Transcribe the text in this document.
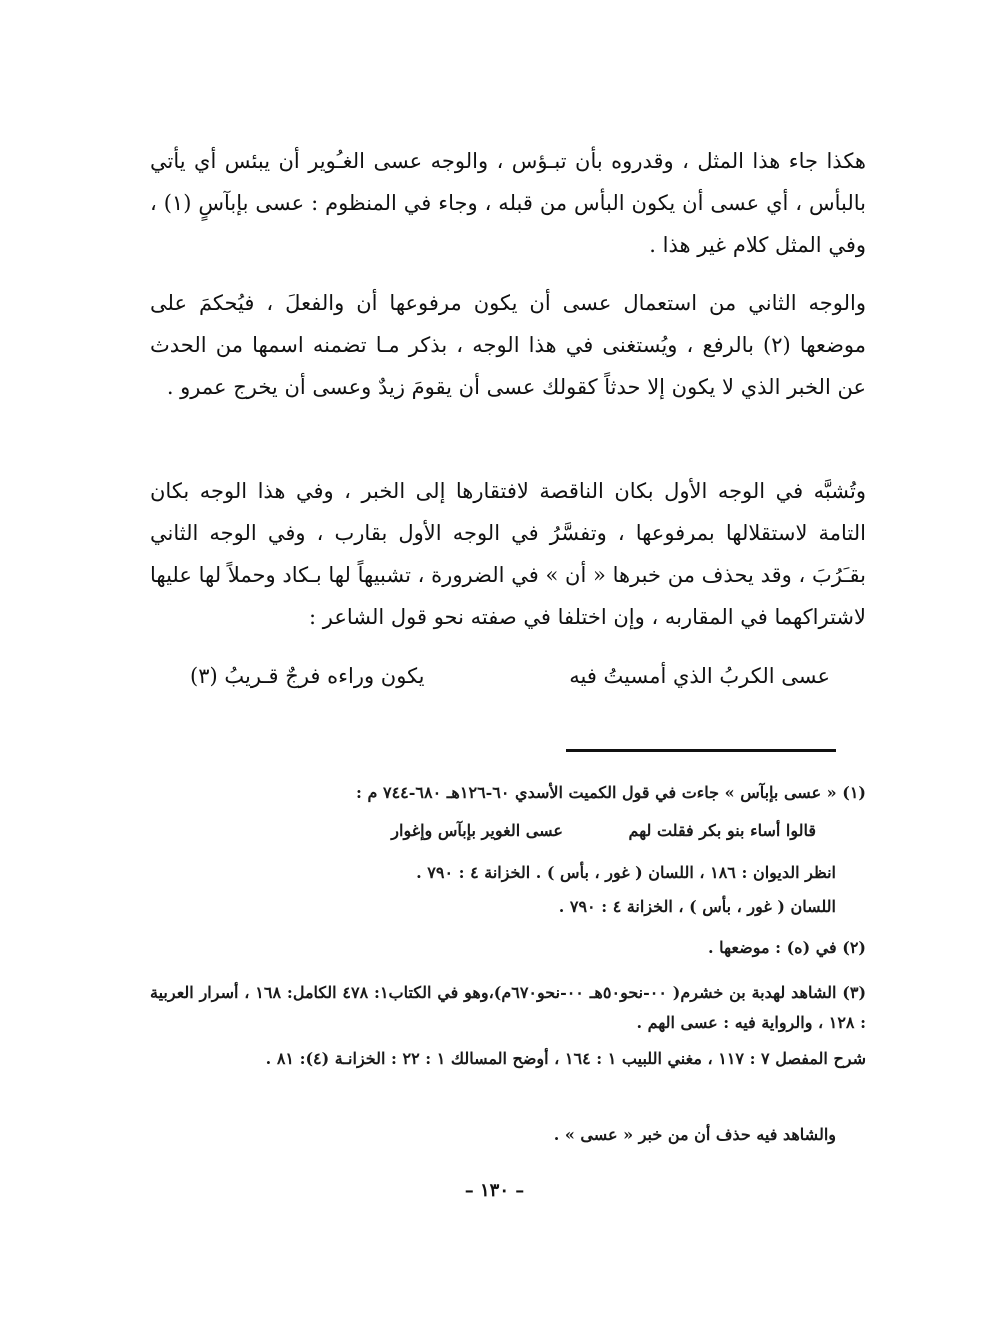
هكذا جاء هذا المثل ، وقدروه بأن تبـؤس ، والوجه عسى الغـُوير أن يبئس أي يأتي بالبأس ، أي عسى أن يكون البأس من قبله ، وجاء في المنظوم : عسى بإبآسٍ (١) ، وفي المثل كلام غير هذا .

والوجه الثاني من استعمال عسى أن يكون مرفوعها أن والفعلَ ، فيُحكمَ على موضعها (٢) بالرفع ، ويُستغنى في هذا الوجه ، بذكر مـا تضمنه اسمها من الحدث عن الخبر الذي لا يكون إلا حدثاً كقولك عسى أن يقومَ زيدٌ وعسى أن يخرج عمرو .

وتُشبَّه في الوجه الأول بكان الناقصة لافتقارها إلى الخبر ، وفي هذا الوجه بكان التامة لاستقلالها بمرفوعها ، وتفسَّرُ في الوجه الأول بقارب ، وفي الوجه الثاني بقـَرُبَ ، وقد يحذف من خبرها « أن » في الضرورة ، تشبيهاً لها بـكاد وحملاً لها عليها لاشتراكهما في المقاربه ، وإن اختلفا في صفته نحو قول الشاعر :

عسى الكربُ الذي أمسيتُ فيه
يكون وراءه فرجٌ قـريبُ (٣)
(١) « عسى بإبآس » جاءت في قول الكميت الأسدي ٦٠-١٢٦هـ ٦٨٠-٧٤٤ م :
قالوا أساء بنو بكر فقلت لهم عسى الغوير بإبآس وإغوار
انظر الديوان : ١٨٦ ، اللسان ( غور ، بأس ) . الخزانة ٤ : ٧٩٠ .
اللسان ( غور ، بأس ) ، الخزانة ٤ : ٧٩٠ .
(٢) في (ه) : موضعها .
(٣) الشاهد لهدبة بن خشرم( ٠٠-نحو٥٠هـ ٠٠-نحو٦٧٠م)،وهو في الكتاب١: ٤٧٨ الكامل: ١٦٨ ، أسرار العربية : ١٢٨ ، والرواية فيه : عسى الهم .
شرح المفصل ٧ : ١١٧ ، مغني اللبيب ١ : ١٦٤ ، أوضح المسالك ١ : ٢٢ : الخزانـة (٤): ٨١ .
والشاهد فيه حذف أن من خبر « عسى » .
– ١٣٠ –
